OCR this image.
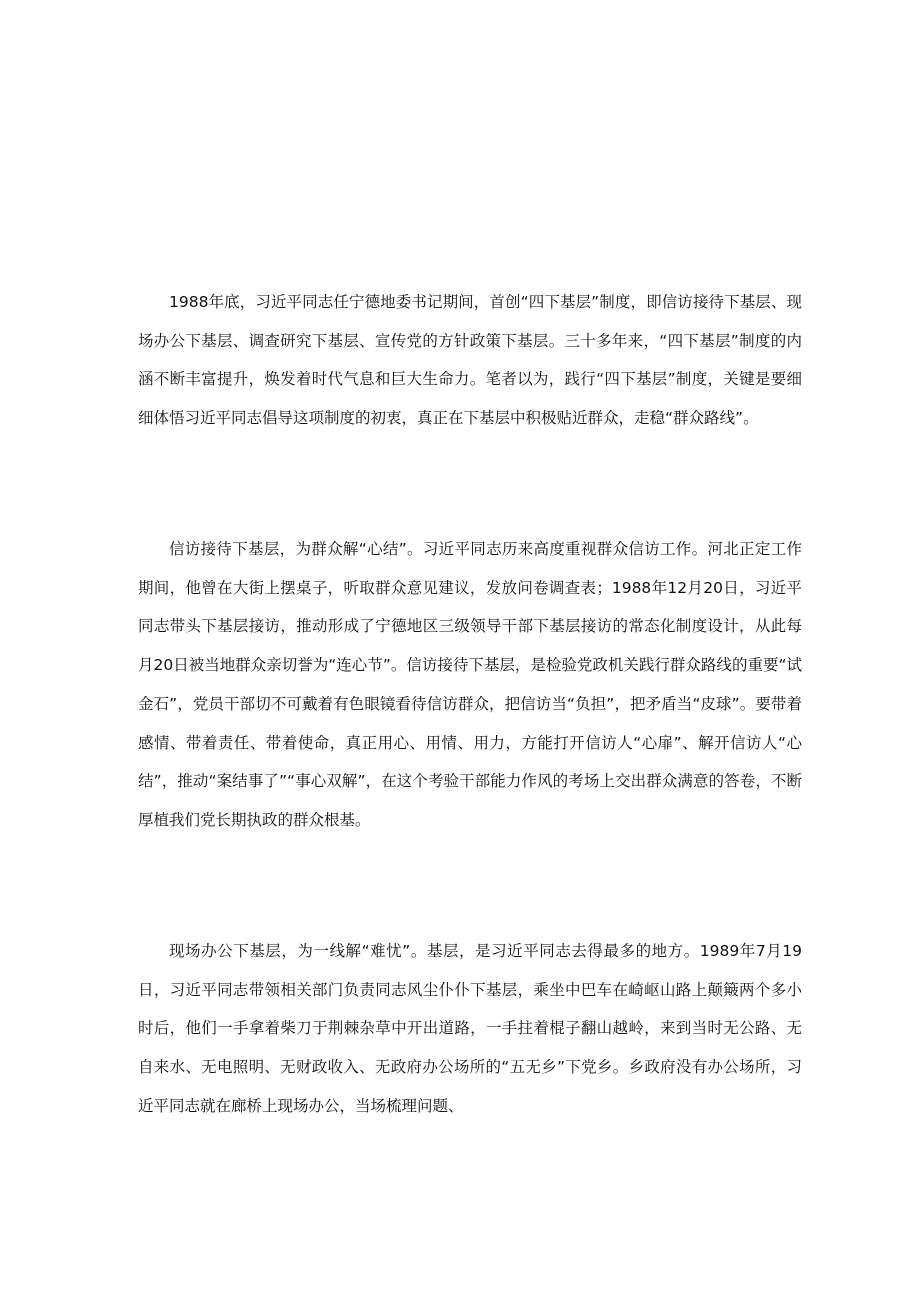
1988年底，习近平同志任宁德地委书记期间，首创“四下基层”制度，即信访接待下基层、现场办公下基层、调查研究下基层、宣传党的方针政策下基层。三十多年来，“四下基层”制度的内涵不断丰富提升，焕发着时代气息和巨大生命力。笔者以为，践行“四下基层”制度，关键是要细细体悟习近平同志倡导这项制度的初衷，真正在下基层中积极贴近群众，走稳“群众路线”。

信访接待下基层，为群众解“心结”。习近平同志历来高度重视群众信访工作。河北正定工作期间，他曾在大街上摆桌子，听取群众意见建议，发放问卷调查表；1988年12月20日，习近平同志带头下基层接访，推动形成了宁德地区三级领导干部下基层接访的常态化制度设计，从此每月20日被当地群众亲切誉为“连心节”。信访接待下基层，是检验党政机关践行群众路线的重要“试金石”，党员干部切不可戴着有色眼镜看待信访群众，把信访当“负担”，把矛盾当“皮球”。要带着感情、带着责任、带着使命，真正用心、用情、用力，方能打开信访人“心扉”、解开信访人“心结”，推动“案结事了”“事心双解”，在这个考验干部能力作风的考场上交出群众满意的答卷，不断厚植我们党长期执政的群众根基。

现场办公下基层，为一线解“难忧”。基层，是习近平同志去得最多的地方。1989年7月19日，习近平同志带领相关部门负责同志风尘仆仆下基层，乘坐中巴车在崎岖山路上颠簸两个多小时后，他们一手拿着柴刀于荆棘杂草中开出道路，一手拄着棍子翻山越岭，来到当时无公路、无自来水、无电照明、无财政收入、无政府办公场所的“五无乡”下党乡。乡政府没有办公场所，习近平同志就在廊桥上现场办公，当场梳理问题、
